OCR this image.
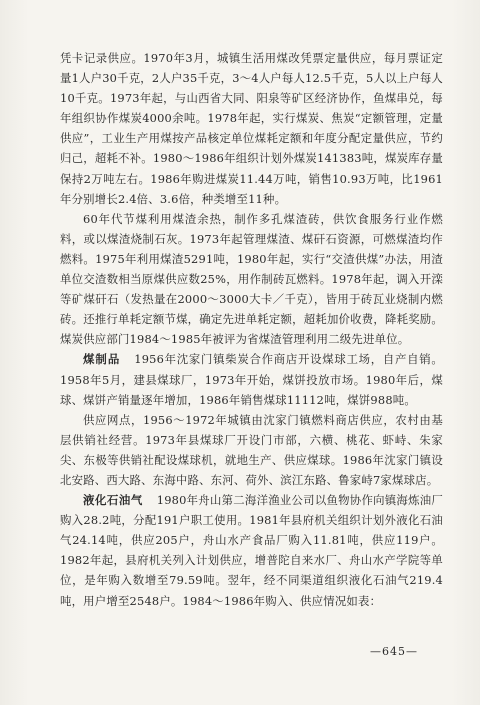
凭卡记录供应。1970年3月，城镇生活用煤改凭票定量供应，每月票证定量1人户30千克，2人户35千克，3～4人户每人12.5千克，5人以上户每人10千克。1973年起，与山西省大同、阳泉等矿区经济协作，鱼煤串兑，每年组织协作煤炭4000余吨。1978年起，实行煤炭、焦炭“定额管理，定量供应”，工业生产用煤按产品核定单位煤耗定额和年度分配定量供应，节约归己，超耗不补。1980～1986年组织计划外煤炭141383吨，煤炭库存量保持2万吨左右。1986年购进煤炭11.44万吨，销售10.93万吨，比1961年分别增长2.4倍、3.6倍，种类增至11种。

60年代节煤利用煤渣余热，制作多孔煤渣砖，供饮食服务行业作燃料，或以煤渣烧制石灰。1973年起管理煤渣、煤矸石资源，可燃煤渣均作燃料。1975年利用煤渣5291吨，1980年起，实行“交渣供煤”办法，用渣单位交渣数相当原煤供应数25%，用作制砖瓦燃料。1978年起，调入开滦等矿煤矸石（发热量在2000～3000大卡／千克），皆用于砖瓦业烧制内燃砖。还推行单耗定额节煤，确定先进单耗定额，超耗加价收费，降耗奖励。煤炭供应部门1984～1985年被评为省煤渣管理利用二级先进单位。

煤制品 1956年沈家门镇柴炭合作商店开设煤球工场，自产自销。1958年5月，建县煤球厂，1973年开始，煤饼投放市场。1980年后，煤球、煤饼产销量逐年增加，1986年销售煤球11112吨，煤饼988吨。

供应网点，1956～1972年城镇由沈家门镇燃料商店供应，农村由基层供销社经营。1973年县煤球厂开设门市部，六横、桃花、虾峙、朱家尖、东极等供销社配设煤球机，就地生产、供应煤球。1986年沈家门镇设北安路、西大路、东海中路、东河、荷外、滨江东路、鲁家峙7家煤球店。

液化石油气 1980年舟山第二海洋渔业公司以鱼物协作向镇海炼油厂购入28.2吨，分配191户职工使用。1981年县府机关组织计划外液化石油气24.14吨，供应205户，舟山水产食品厂购入11.81吨，供应119户。1982年起，县府机关列入计划供应，增普陀自来水厂、舟山水产学院等单位，是年购入数增至79.59吨。翌年，经不同渠道组织液化石油气219.4吨，用户增至2548户。1984～1986年购入、供应情况如表：

—645—
